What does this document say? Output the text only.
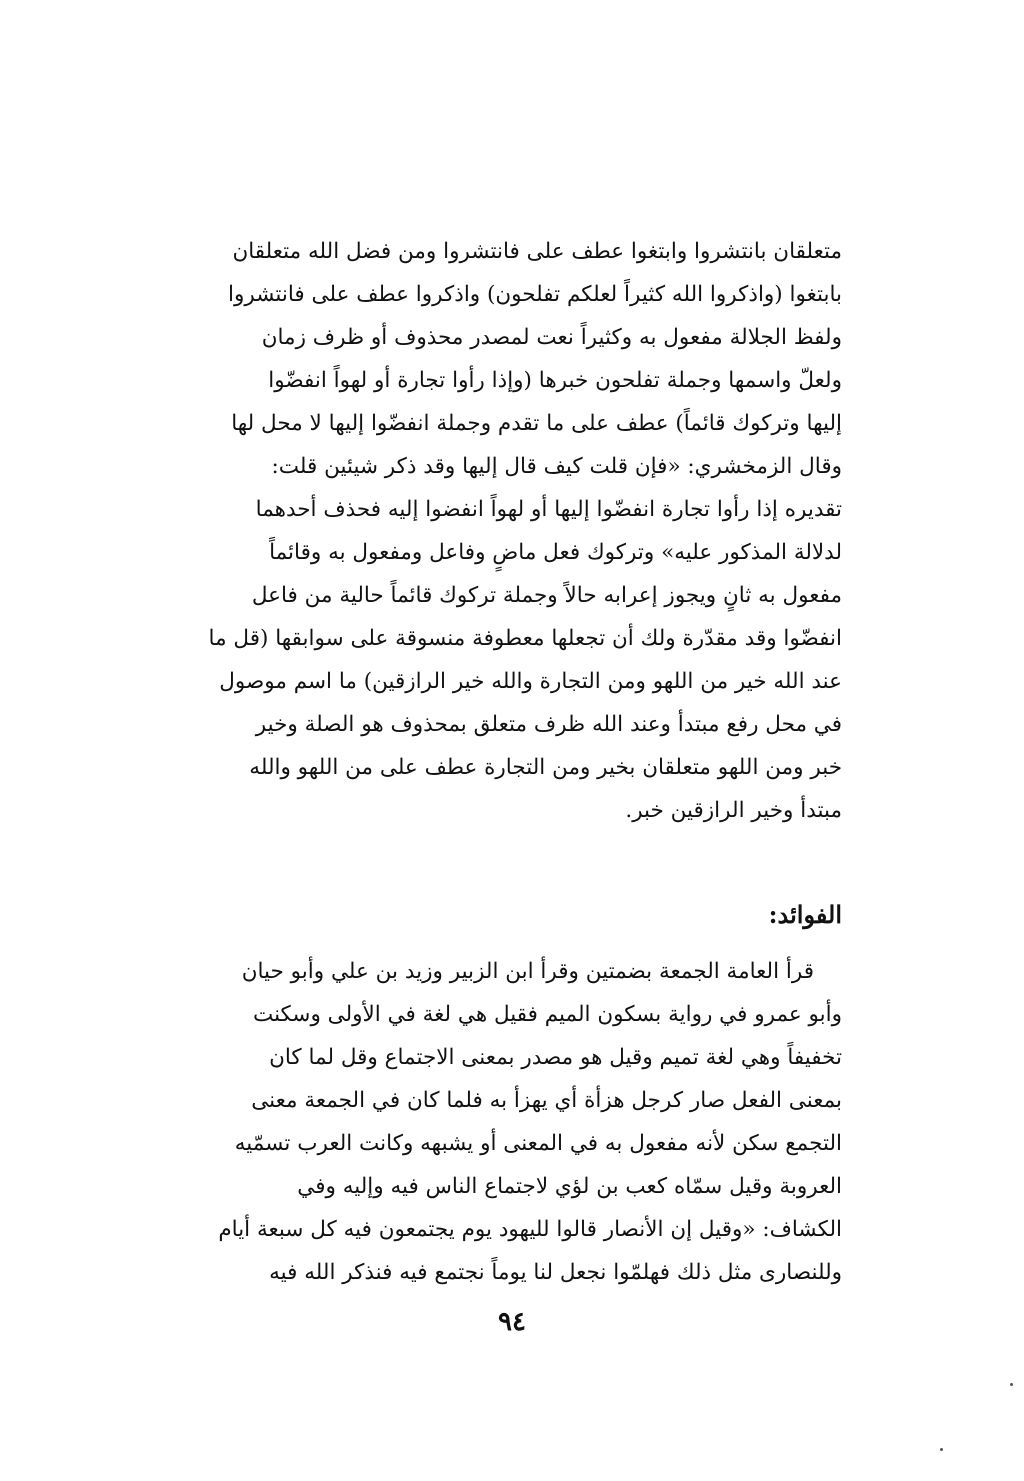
متعلقان بانتشروا وابتغوا عطف على فانتشروا ومن فضل الله متعلقان
بابتغوا (واذكروا الله كثيراً لعلكم تفلحون) واذكروا عطف على فانتشروا
ولفظ الجلالة مفعول به وكثيراً نعت لمصدر محذوف أو ظرف زمان
ولعلّ واسمها وجملة تفلحون خبرها (وإذا رأوا تجارة أو لهواً انفضّوا
إليها وتركوك قائماً) عطف على ما تقدم وجملة انفضّوا إليها لا محل لها
وقال الزمخشري: «فإن قلت كيف قال إليها وقد ذكر شيئين قلت:
تقديره إذا رأوا تجارة انفضّوا إليها أو لهواً انفضوا إليه فحذف أحدهما
لدلالة المذكور عليه» وتركوك فعل ماضٍ وفاعل ومفعول به وقائماً
مفعول به ثانٍ ويجوز إعرابه حالاً وجملة تركوك قائماً حالية من فاعل
انفضّوا وقد مقدّرة ولك أن تجعلها معطوفة منسوقة على سوابقها (قل ما
عند الله خير من اللهو ومن التجارة والله خير الرازقين) ما اسم موصول
في محل رفع مبتدأ وعند الله ظرف متعلق بمحذوف هو الصلة وخير
خبر ومن اللهو متعلقان بخير ومن التجارة عطف على من اللهو والله
مبتدأ وخير الرازقين خبر.
الفوائد:
قرأ العامة الجمعة بضمتين وقرأ ابن الزبير وزيد بن علي وأبو حيان
وأبو عمرو في رواية بسكون الميم فقيل هي لغة في الأولى وسكنت
تخفيفاً وهي لغة تميم وقيل هو مصدر بمعنى الاجتماع وقل لما كان
بمعنى الفعل صار كرجل هزأة أي يهزأ به فلما كان في الجمعة معنى
التجمع سكن لأنه مفعول به في المعنى أو يشبهه وكانت العرب تسمّيه
العروبة وقيل سمّاه كعب بن لؤي لاجتماع الناس فيه وإليه وفي
الكشاف: «وقيل إن الأنصار قالوا لليهود يوم يجتمعون فيه كل سبعة أيام
وللنصارى مثل ذلك فهلمّوا نجعل لنا يوماً نجتمع فيه فنذكر الله فيه
٩٤
